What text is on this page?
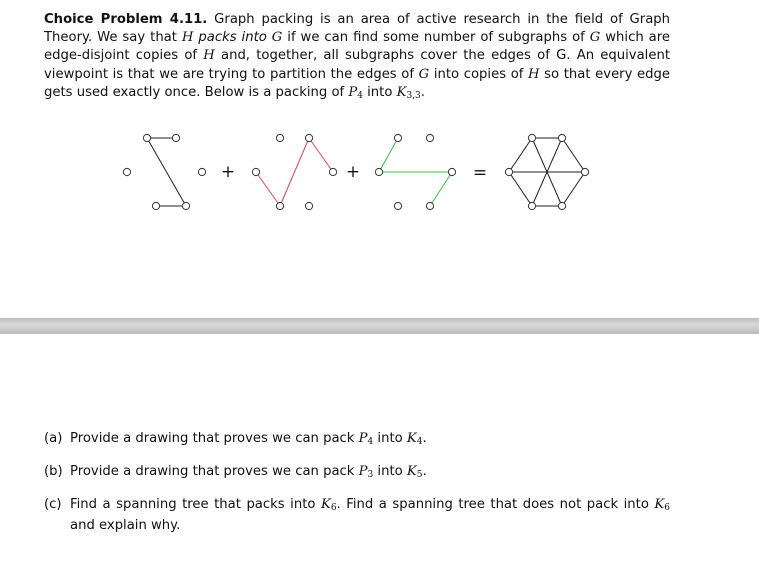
Choice Problem 4.11. Graph packing is an area of active research in the field of Graph Theory. We say that H packs into G if we can find some number of subgraphs of G which are edge-disjoint copies of H and, together, all subgraphs cover the edges of G. An equivalent viewpoint is that we are trying to partition the edges of G into copies of H so that every edge gets used exactly once. Below is a packing of $P_4$ into $K_{3,3}$.

+	+	=
(a) Provide a drawing that proves we can pack $P_4$ into $K_4$.
(b) Provide a drawing that proves we can pack $P_3$ into $K_5$.
(c) Find a spanning tree that packs into $K_6$. Find a spanning tree that does not pack into $K_6$ and explain why.
